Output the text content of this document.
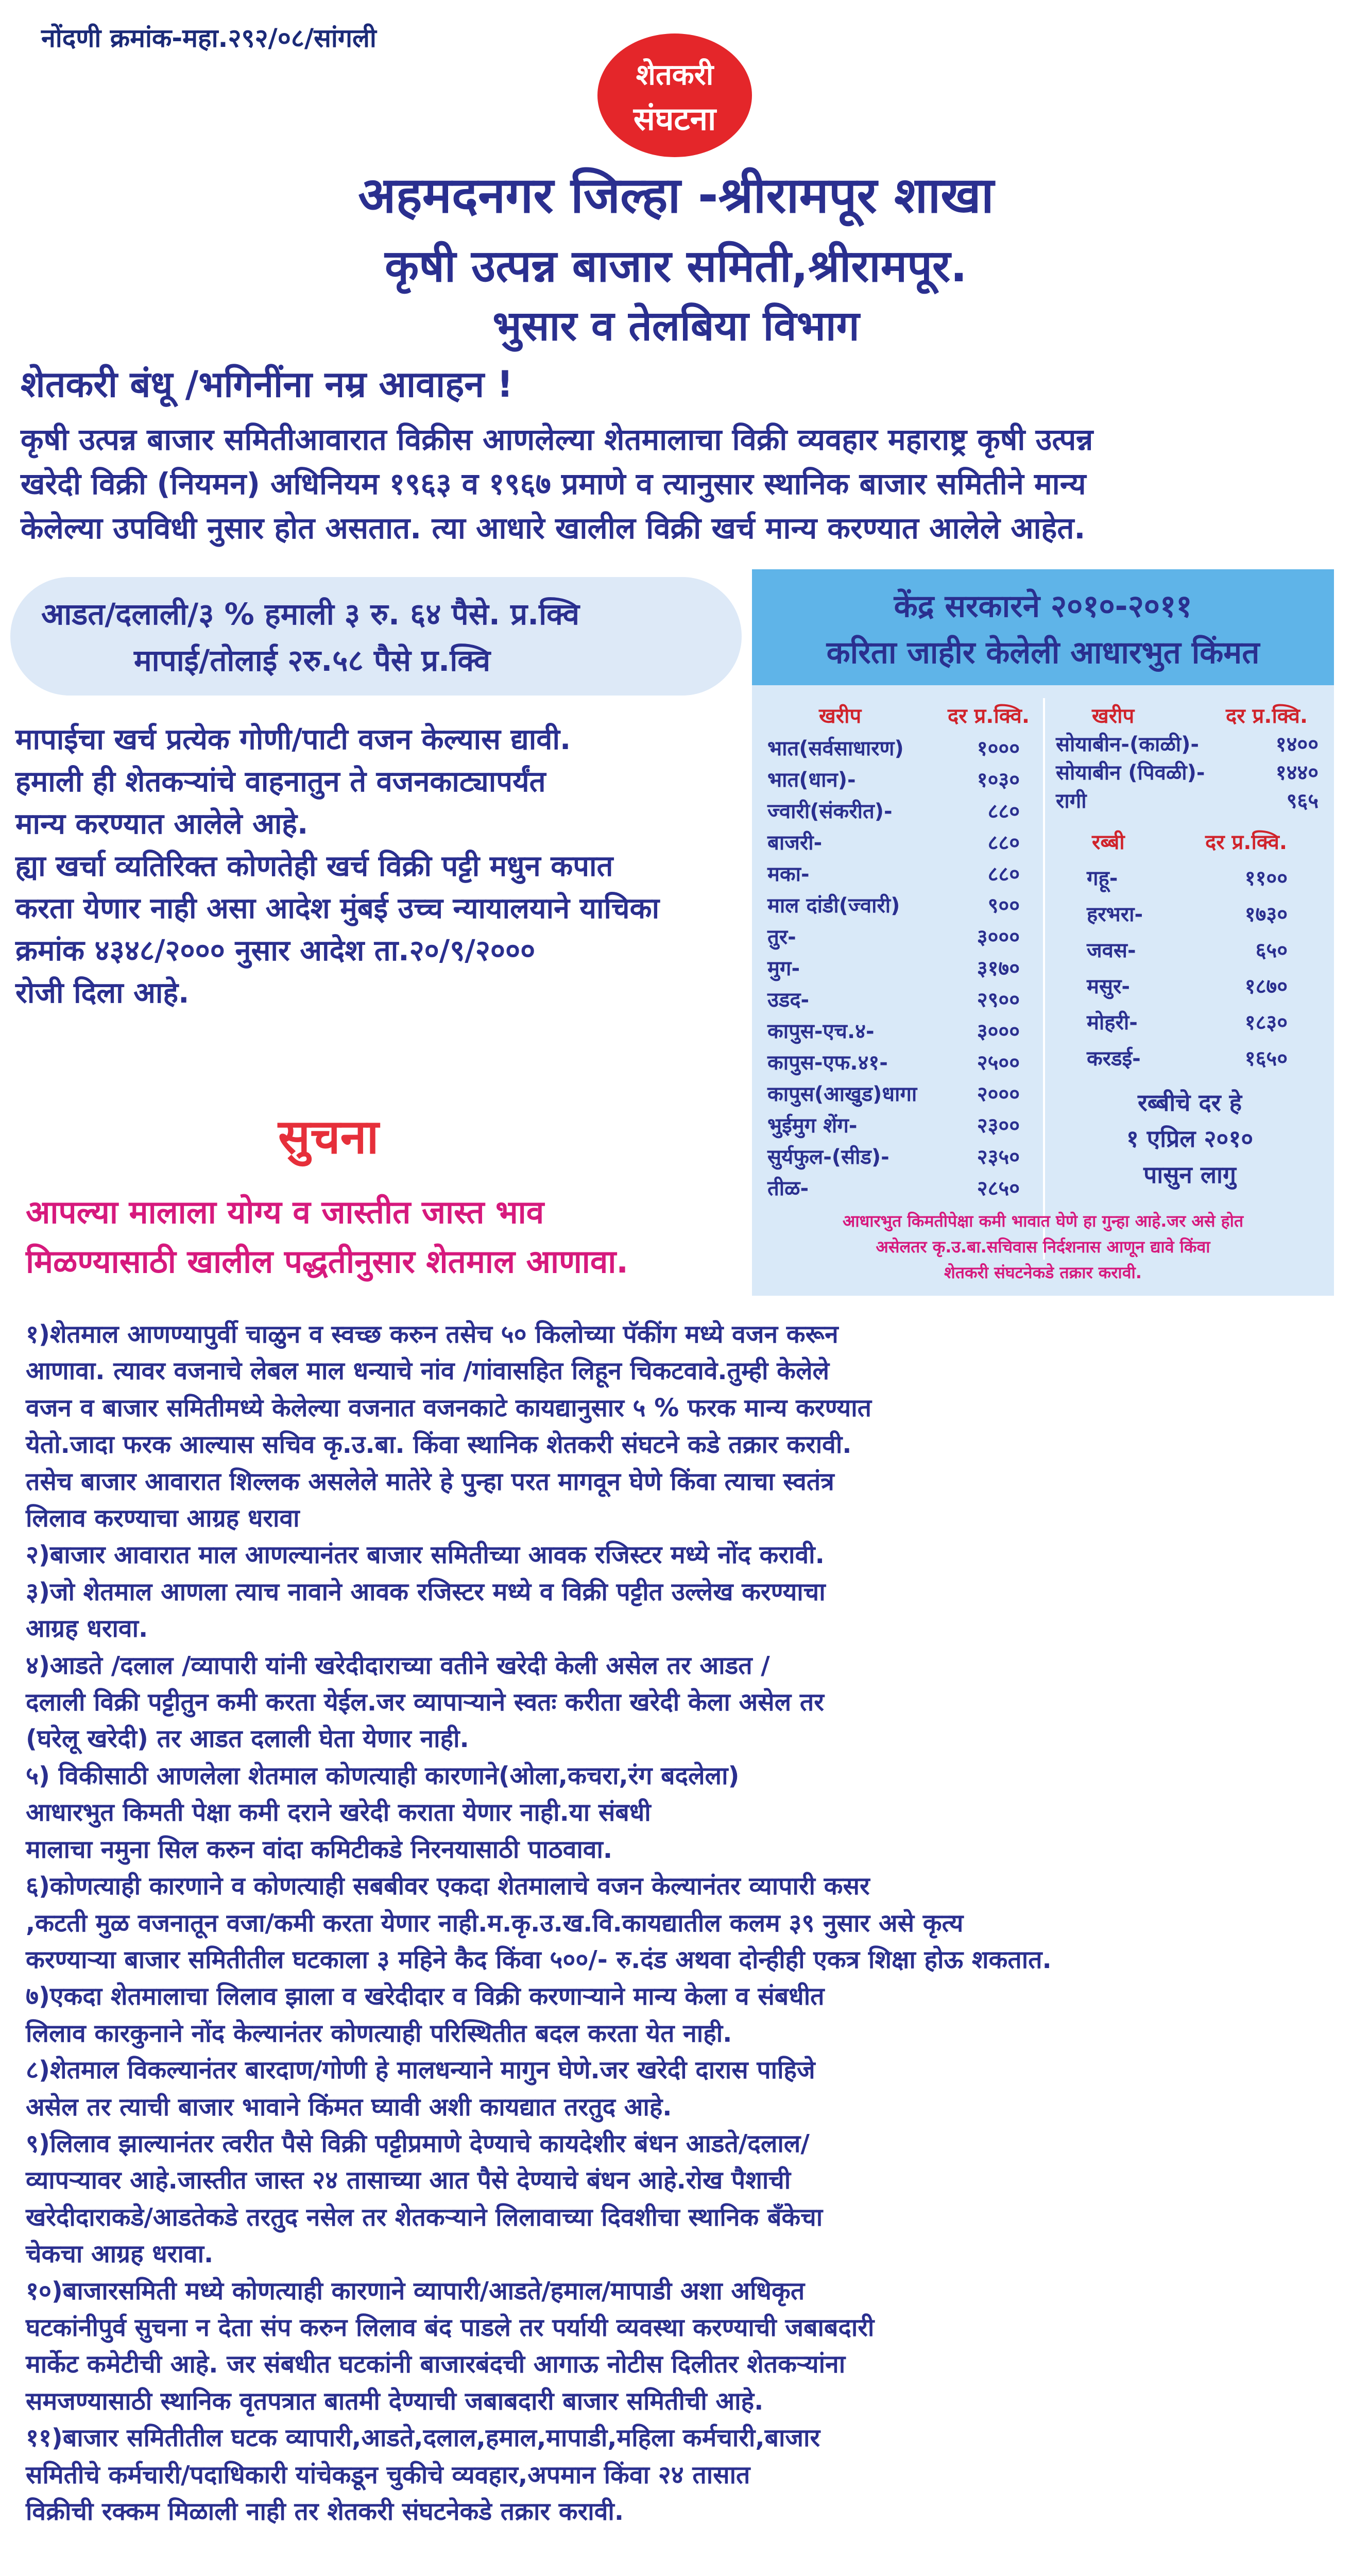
नोंदणी क्रमांक-महा.२९२/०८/सांगली
शेतकरी
संघटना
अहमदनगर जिल्हा -श्रीरामपूर शाखा
कृषी उत्पन्न बाजार समिती,श्रीरामपूर.
भुसार व तेलबिया विभाग
शेतकरी बंधू /भगिनींना नम्र आवाहन !
कृषी उत्पन्न बाजार समितीआवारात विक्रीस आणलेल्या शेतमालाचा विक्री व्यवहार महाराष्ट्र कृषी उत्पन्न
खरेदी विक्री (नियमन) अधिनियम १९६३ व १९६७ प्रमाणे व त्यानुसार स्थानिक बाजार समितीने मान्य
केलेल्या उपविधी नुसार होत असतात. त्या आधारे खालील विक्री खर्च मान्य करण्यात आलेले आहेत.
आडत/दलाली/३ % हमाली ३ रु. ६४ पैसे. प्र.क्वि
मापाई/तोलाई २रु.५८ पैसे प्र.क्वि
मापाईचा खर्च प्रत्येक गोणी/पाटी वजन केल्यास द्यावी.
हमाली ही शेतकऱ्यांचे वाहनातुन ते वजनकाट्यापर्यंत
मान्य करण्यात आलेले आहे.
ह्या खर्चा व्यतिरिक्त कोणतेही खर्च विक्री पट्टी मधुन कपात
करता येणार नाही असा आदेश मुंबई उच्च न्यायालयाने याचिका
क्रमांक ४३४८/२००० नुसार आदेश ता.२०/९/२०००
रोजी दिला आहे.
सुचना
आपल्या मालाला योग्य व जास्तीत जास्त भाव
मिळण्यासाठी खालील पद्धतीनुसार शेतमाल आणावा.
केंद्र सरकारने २०१०-२०११
करिता जाहीर केलेली आधारभुत किंमत
खरीप	दर प्र.क्वि.
भात(सर्वसाधारण)	१०००
भात(धान)-	१०३०
ज्वारी(संकरीत)-	८८०
बाजरी-	८८०
मका-	८८०
माल दांडी(ज्वारी)	९००
तुर-	३०००
मुग-	३१७०
उडद-	२९००
कापुस-एच.४-	३०००
कापुस-एफ.४१-	२५००
कापुस(आखुड)धागा	२०००
भुईमुग शेंग-	२३००
सुर्यफुल-(सीड)-	२३५०
तीळ-	२८५०
खरीप	दर प्र.क्वि.
सोयाबीन-(काळी)-	१४००
सोयाबीन (पिवळी)-	१४४०
रागी	९६५
रब्बी	दर प्र.क्वि.
गहू-	११००
हरभरा-	१७३०
जवस-	६५०
मसुर-	१८७०
मोहरी-	१८३०
करडई-	१६५०
रब्बीचे दर हे
१ एप्रिल २०१०
पासुन लागु
आधारभुत किमतीपेक्षा कमी भावात घेणे हा गुन्हा आहे.जर असे होत
असेलतर कृ.उ.बा.सचिवास निर्दशनास आणून द्यावे किंवा
शेतकरी संघटनेकडे तक्रार करावी.
१)शेतमाल आणण्यापुर्वी चाळुन व स्वच्छ करुन तसेच ५० किलोच्या पॅकींग मध्ये वजन करून
आणावा. त्यावर वजनाचे लेबल माल धन्याचे नांव /गांवासहित लिहून चिकटवावे.तुम्ही केलेले
वजन व बाजार समितीमध्ये केलेल्या वजनात वजनकाटे कायद्यानुसार ५ % फरक मान्य करण्यात
येतो.जादा फरक आल्यास सचिव कृ.उ.बा. किंवा स्थानिक शेतकरी संघटने कडे तक्रार करावी.
तसेच बाजार आवारात शिल्लक असलेले मातेरे हे पुन्हा परत मागवून घेणे किंवा त्याचा स्वतंत्र
लिलाव करण्याचा आग्रह धरावा
२)बाजार आवारात माल आणल्यानंतर बाजार समितीच्या आवक रजिस्टर मध्ये नोंद करावी.
३)जो शेतमाल आणला त्याच नावाने आवक रजिस्टर मध्ये व विक्री पट्टीत उल्लेख करण्याचा
आग्रह धरावा.
४)आडते /दलाल /व्यापारी यांनी खरेदीदाराच्या वतीने खरेदी केली असेल तर आडत /
दलाली विक्री पट्टीतुन कमी करता येईल.जर व्यापाऱ्याने स्वतः करीता खरेदी केला असेल तर
(घरेलू खरेदी) तर आडत दलाली घेता येणार नाही.
५) विकीसाठी आणलेला शेतमाल कोणत्याही कारणाने(ओला,कचरा,रंग बदलेला)
आधारभुत किमती पेक्षा कमी दराने खरेदी कराता येणार नाही.या संबधी
मालाचा नमुना सिल करुन वांदा कमिटीकडे निरनयासाठी पाठवावा.
६)कोणत्याही कारणाने व कोणत्याही सबबीवर एकदा शेतमालाचे वजन केल्यानंतर व्यापारी कसर
,कटती मुळ वजनातून वजा/कमी करता येणार नाही.म.कृ.उ.ख.वि.कायद्यातील कलम ३९ नुसार असे कृत्य
करण्याऱ्या बाजार समितीतील घटकाला ३ महिने कैद किंवा ५००/- रु.दंड अथवा दोन्हीही एकत्र शिक्षा होऊ शकतात.
७)एकदा शेतमालाचा लिलाव झाला व खरेदीदार व विक्री करणाऱ्याने मान्य केला व संबधीत
लिलाव कारकुनाने नोंद केल्यानंतर कोणत्याही परिस्थितीत बदल करता येत नाही.
८)शेतमाल विकल्यानंतर बारदाण/गोणी हे मालधन्याने मागुन घेणे.जर खरेदी दारास पाहिजे
असेल तर त्याची बाजार भावाने किंमत घ्यावी अशी कायद्यात तरतुद आहे.
९)लिलाव झाल्यानंतर त्वरीत पैसे विक्री पट्टीप्रमाणे देण्याचे कायदेशीर बंधन आडते/दलाल/
व्यापऱ्यावर आहे.जास्तीत जास्त २४ तासाच्या आत पैसे देण्याचे बंधन आहे.रोख पैशाची
खरेदीदाराकडे/आडतेकडे तरतुद नसेल तर शेतकऱ्याने लिलावाच्या दिवशीचा स्थानिक बँकेचा
चेकचा आग्रह धरावा.
१०)बाजारसमिती मध्ये कोणत्याही कारणाने व्यापारी/आडते/हमाल/मापाडी अशा अधिकृत
घटकांनीपुर्व सुचना न देता संप करुन लिलाव बंद पाडले तर पर्यायी व्यवस्था करण्याची जबाबदारी
मार्केट कमेटीची आहे. जर संबधीत घटकांनी बाजारबंदची आगाऊ नोटीस दिलीतर शेतकऱ्यांना
समजण्यासाठी स्थानिक वृतपत्रात बातमी देण्याची जबाबदारी बाजार समितीची आहे.
११)बाजार समितीतील घटक व्यापारी,आडते,दलाल,हमाल,मापाडी,महिला कर्मचारी,बाजार
समितीचे कर्मचारी/पदाधिकारी यांचेकडून चुकीचे व्यवहार,अपमान किंवा २४ तासात
विक्रीची रक्कम मिळाली नाही तर शेतकरी संघटनेकडे तक्रार करावी.
